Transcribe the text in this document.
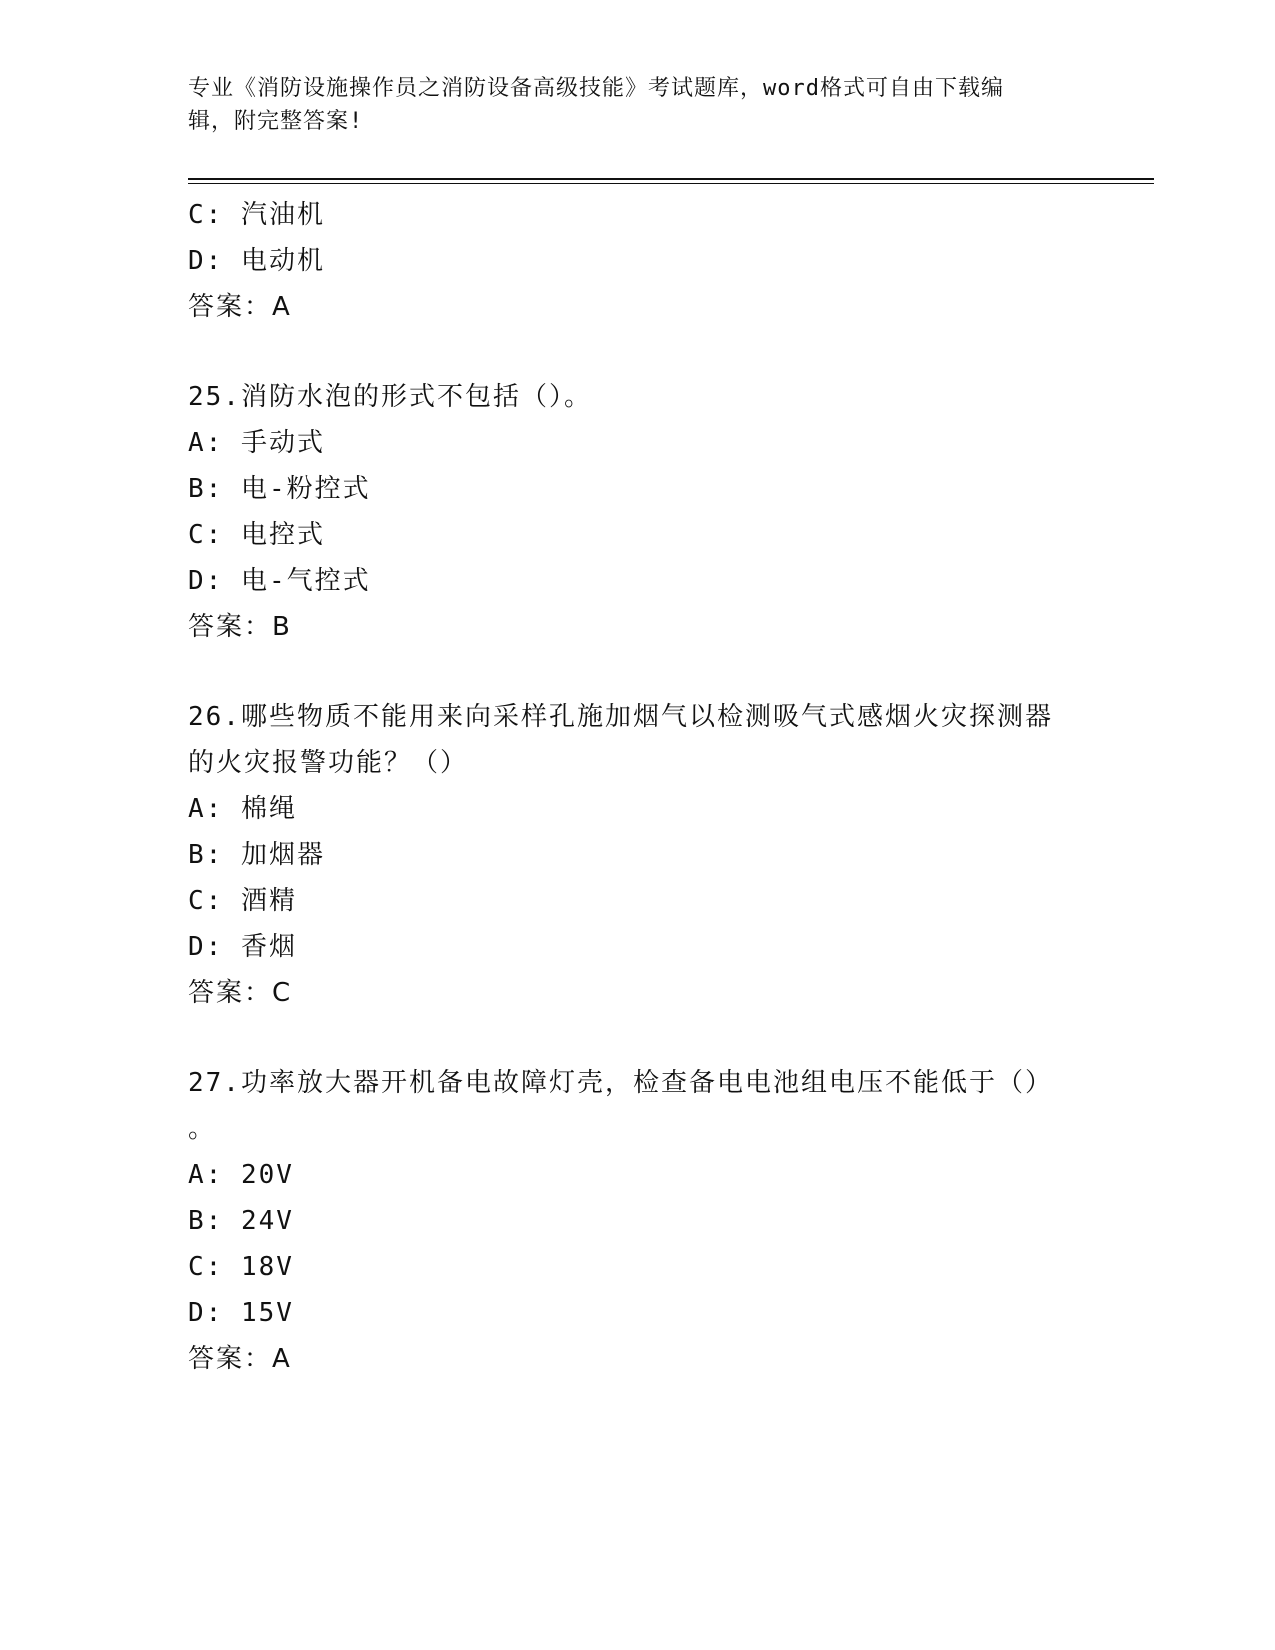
专业《消防设施操作员之消防设备高级技能》考试题库，word格式可自由下载编
辑，附完整答案!
C: 汽油机
D: 电动机
答案：A
25.消防水泡的形式不包括（）。
A: 手动式
B: 电-粉控式
C: 电控式
D: 电-气控式
答案：B
26.哪些物质不能用来向采样孔施加烟气以检测吸气式感烟火灾探测器
的火灾报警功能？（）
A: 棉绳
B: 加烟器
C: 酒精
D: 香烟
答案：C
27.功率放大器开机备电故障灯壳，检查备电电池组电压不能低于（）
。
A: 20V
B: 24V
C: 18V
D: 15V
答案：A
